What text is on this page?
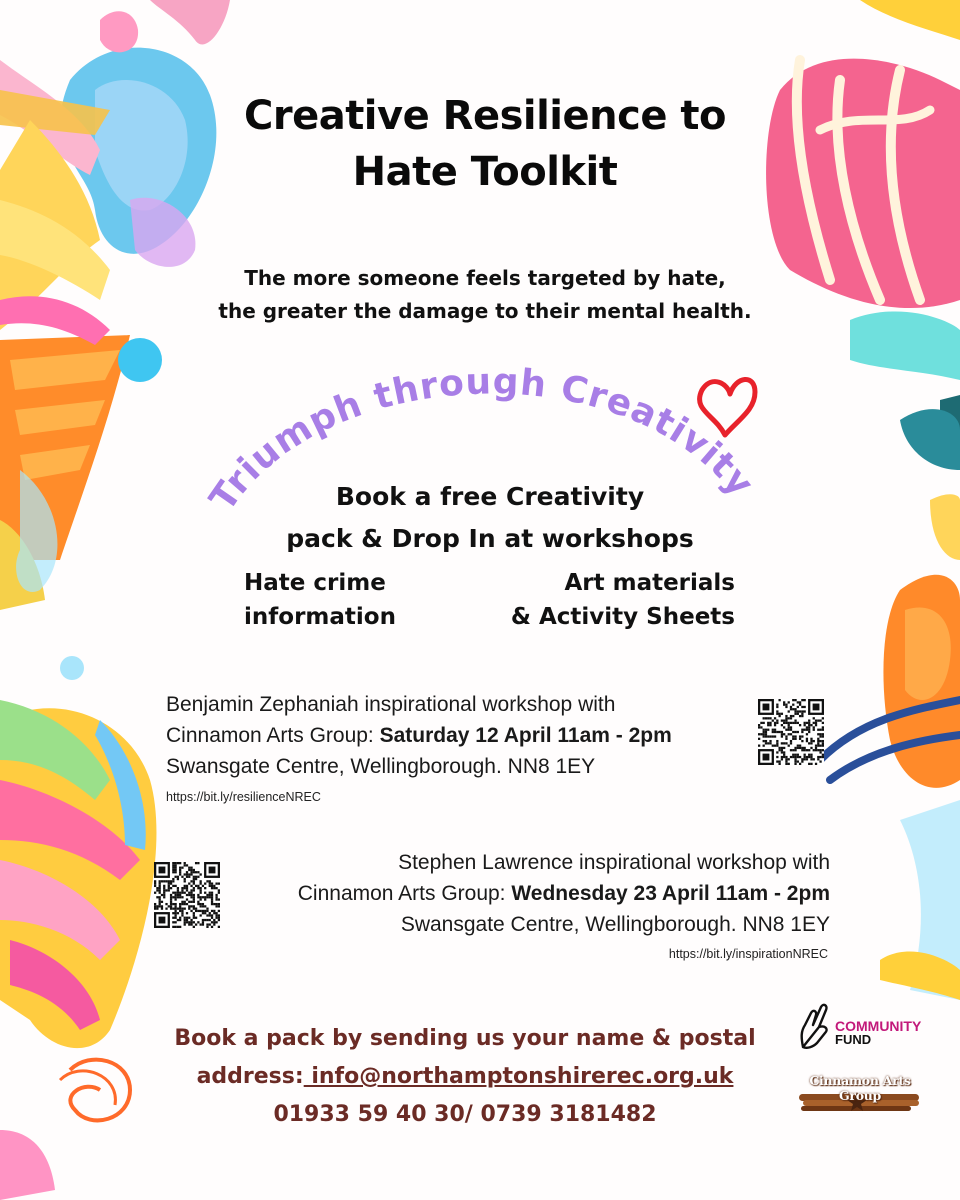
Creative Resilience to
Hate Toolkit
The more someone feels targeted by hate,
the greater the damage to their mental health.
Triumph through Creativity
Book a free Creativity
pack & Drop In at workshops
Hate crime
information
Art materials
& Activity Sheets
Benjamin Zephaniah inspirational workshop with
Cinnamon Arts Group: Saturday 12 April 11am - 2pm
Swansgate Centre, Wellingborough. NN8 1EY
https://bit.ly/resilienceNREC
Stephen Lawrence inspirational workshop with
Cinnamon Arts Group: Wednesday 23 April 11am - 2pm
Swansgate Centre, Wellingborough. NN8 1EY
https://bit.ly/inspirationNREC
Book a pack by sending us your name & postal
address: info@northamptonshirerec.org.uk
01933 59 40 30/ 0739 3181482
COMMUNITY
FUND
Cinnamon Arts Group
